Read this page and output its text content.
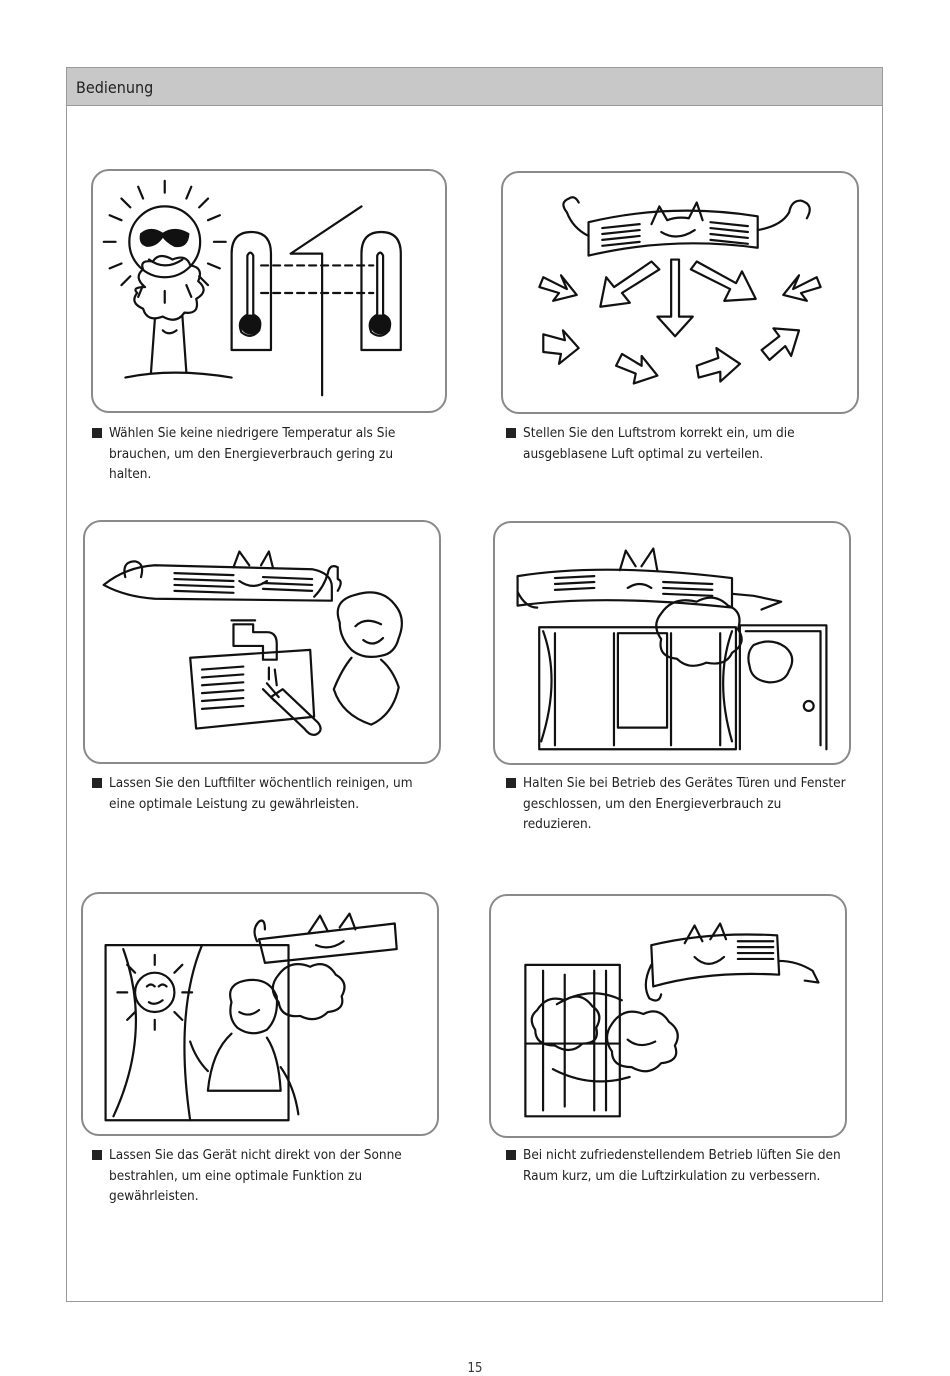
Bedienung
Wählen Sie keine niedrigere Temperatur als Sie brauchen, um den Energieverbrauch gering zu halten.
Stellen Sie den Luftstrom korrekt ein, um die ausgeblasene Luft optimal zu verteilen.
Lassen Sie den Luftfilter wöchentlich reinigen, um eine optimale Leistung zu gewährleisten.
Halten Sie bei Betrieb des Gerätes Türen und Fenster geschlossen, um den Energieverbrauch zu reduzieren.
Lassen Sie das Gerät nicht direkt von der Sonne bestrahlen, um eine optimale Funktion zu gewährleisten.
Bei nicht zufriedenstellendem Betrieb lüften Sie den Raum kurz, um die Luftzirkulation zu verbessern.
15
